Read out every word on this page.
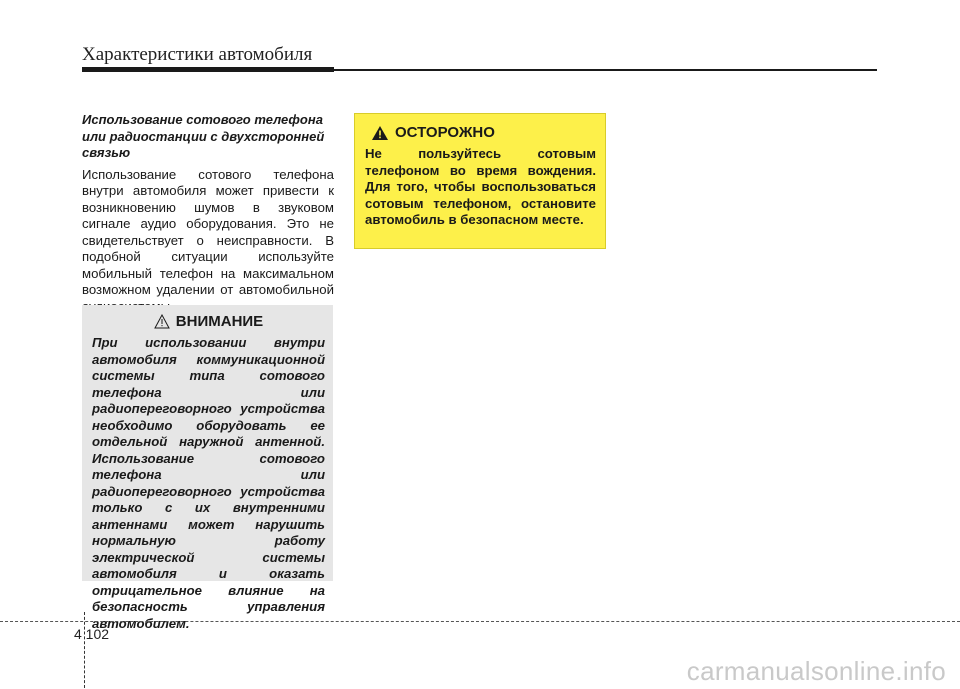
Характеристики автомобиля

Использование сотового телефона или радиостанции с двухсторонней связью

Использование сотового телефона внутри автомобиля может привести к возникновению шумов в звуковом сигнале аудио оборудования. Это не свидетельствует о неисправности. В подобной ситуации используйте мобильный телефон на максимальном возможном удалении от автомобильной

ВНИМАНИЕ

При использовании внутри автомобиля коммуникационной системы типа сотового телефона или радиопереговорного устройства необходимо оборудовать ее отдельной наружной антенной. Использование сотового телефона или радиопереговорного устройства только с их внутренними антеннами может нарушить нормальную работу электрической системы автомобиля и оказать отрицательное влияние на безопасность управления автомобилем.

ОСТОРОЖНО

Не пользуйтесь сотовым телефоном во время вождения. Для того, чтобы воспользоваться сотовым телефоном, остановите автомобиль в безопасном месте.

4 102
carmanualsonline.info
